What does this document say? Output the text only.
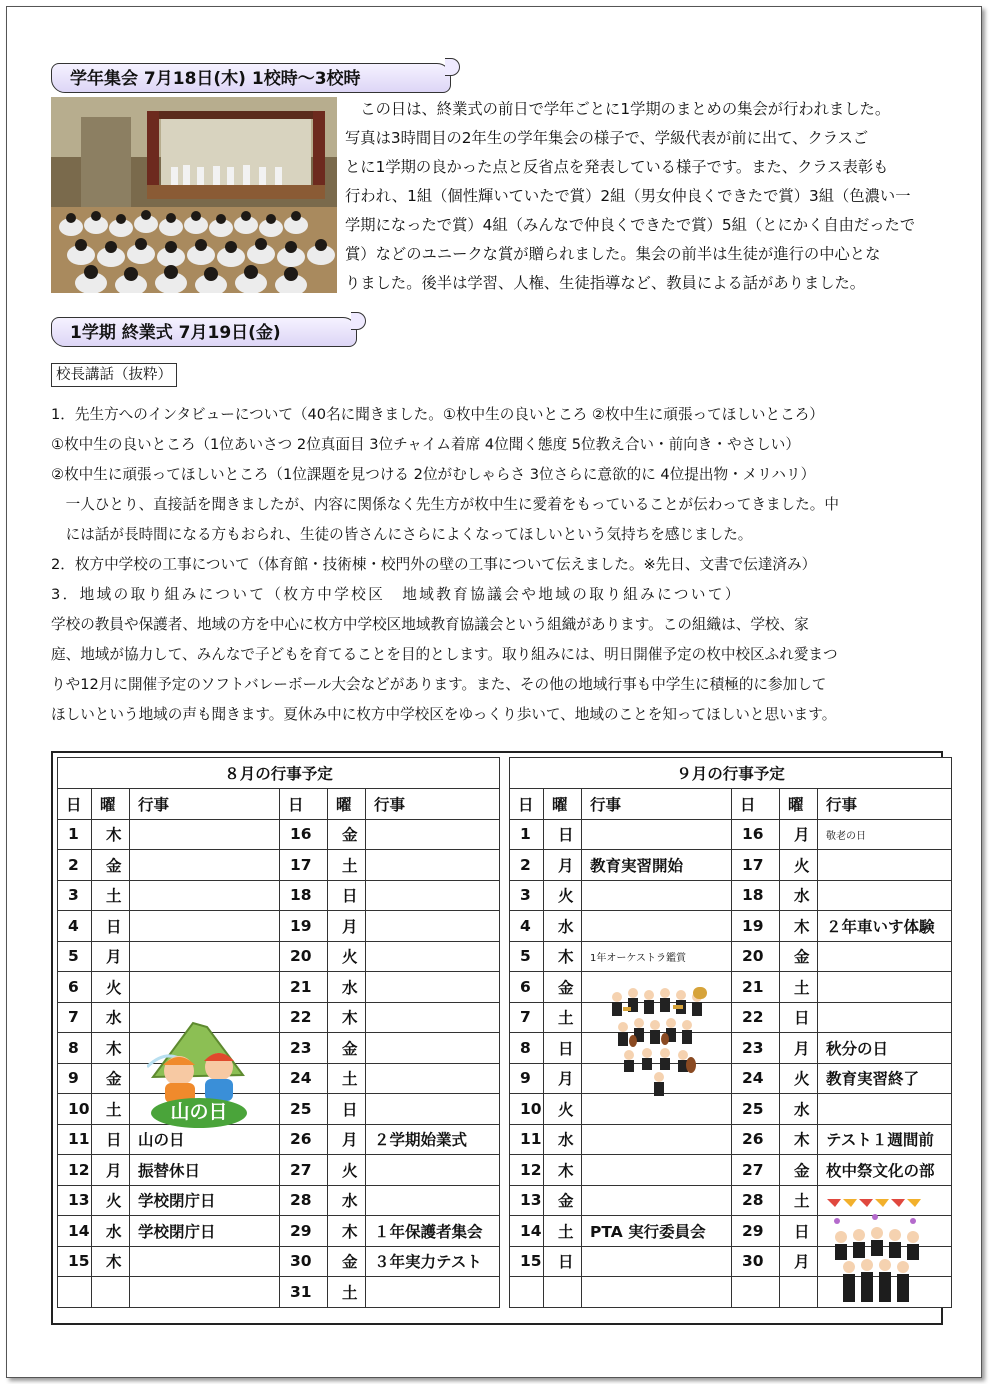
学年集会 7月18日(木) 1校時～3校時

　この日は、終業式の前日で学年ごとに1学期のまとめの集会が行われました。

写真は3時間目の2年生の学年集会の様子で、学級代表が前に出て、クラスご

とに1学期の良かった点と反省点を発表している様子です。また、クラス表彰も

行われ、1組（個性輝いていたで賞）2組（男女仲良くできたで賞）3組（色濃い一

学期になったで賞）4組（みんなで仲良くできたで賞）5組（とにかく自由だったで

賞）などのユニークな賞が贈られました。集会の前半は生徒が進行の中心とな

りました。後半は学習、人権、生徒指導など、教員による話がありました。

1学期 終業式 7月19日(金)
校長講話（抜粋）

1．先生方へのインタビューについて（40名に聞きました。①枚中生の良いところ ②枚中生に頑張ってほしいところ）

①枚中生の良いところ（1位あいさつ 2位真面目 3位チャイム着席 4位聞く態度 5位教え合い・前向き・やさしい）

②枚中生に頑張ってほしいところ（1位課題を見つける 2位がむしゃらさ 3位さらに意欲的に 4位提出物・メリハリ）

　一人ひとり、直接話を聞きましたが、内容に関係なく先生方が枚中生に愛着をもっていることが伝わってきました。中

　には話が長時間になる方もおられ、生徒の皆さんにさらによくなってほしいという気持ちを感じました。

2．枚方中学校の工事について（体育館・技術棟・校門外の壁の工事について伝えました。※先日、文書で伝達済み）

3．地域の取り組みについて（枚方中学校区　地域教育協議会や地域の取り組みについて）

学校の教員や保護者、地域の方を中心に枚方中学校区地域教育協議会という組織があります。この組織は、学校、家

庭、地域が協力して、みんなで子どもを育てることを目的とします。取り組みには、明日開催予定の枚中校区ふれ愛まつ

りや12月に開催予定のソフトバレーボール大会などがあります。また、その他の地域行事も中学生に積極的に参加して

ほしいという地域の声も聞きます。夏休み中に枚方中学校区をゆっくり歩いて、地域のことを知ってほしいと思います。

８月の行事予定					
日	曜	行事	日	曜	行事
1	木		16	金	
2	金		17	土	
3	土		18	日	
4	日		19	月	
5	月		20	火	
6	火		21	水	
7	水		22	木	
8	木		23	金	
9	金		24	土	
10	土		25	日	
11	日	山の日	26	月	２学期始業式
12	月	振替休日	27	火	
13	火	学校閉庁日	28	水	
14	水	学校閉庁日	29	木	１年保護者集会
15	木		30	金	３年実力テスト
			31	土	
９月の行事予定					
日	曜	行事	日	曜	行事
1	日		16	月	敬老の日
2	月	教育実習開始	17	火	
3	火		18	水	
4	水		19	木	２年車いす体験
5	木	1年オーケストラ鑑賞	20	金	
6	金		21	土	
7	土		22	日	
8	日		23	月	秋分の日
9	月		24	火	教育実習終了
10	火		25	水	
11	水		26	木	テスト１週間前
12	木		27	金	枚中祭文化の部
13	金		28	土	
14	土	PTA 実行委員会	29	日	
15	日		30	月	

山の日
